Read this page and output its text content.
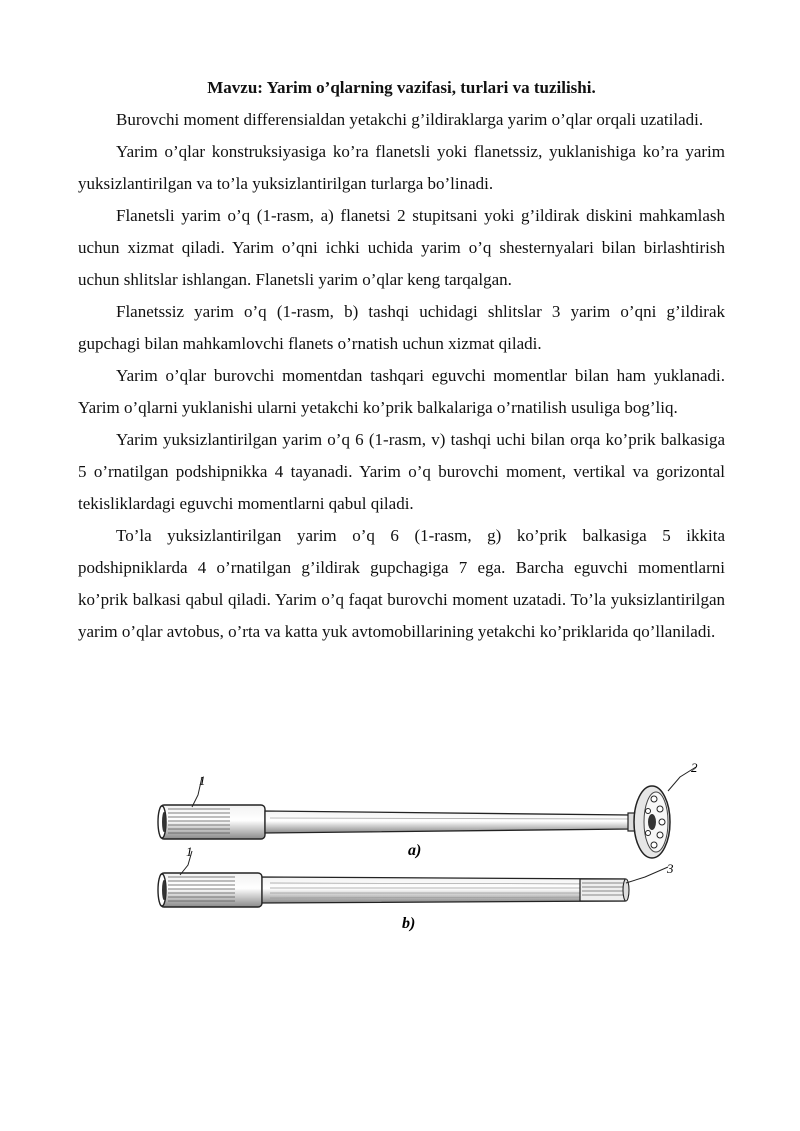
Mavzu: Yarim o’qlarning vazifasi, turlari va tuzilishi.

Burovchi moment differensialdan yetakchi g’ildiraklarga yarim o’qlar orqali uzatiladi.

Yarim o’qlar konstruksiyasiga ko’ra flanetsli yoki flanetssiz, yuklanishiga ko’ra yarim yuksizlantirilgan va to’la yuksizlantirilgan turlarga bo’linadi.

Flanetsli yarim o’q (1-rasm, a) flanetsi 2 stupitsani yoki g’ildirak diskini mahkamlash uchun xizmat qiladi. Yarim o’qni ichki uchida yarim o’q shesternyalari bilan birlashtirish uchun shlitslar ishlangan. Flanetsli yarim o’qlar keng tarqalgan.

Flanetssiz yarim o’q (1-rasm, b) tashqi uchidagi shlitslar 3 yarim o’qni g’ildirak gupchagi bilan mahkamlovchi flanets o’rnatish uchun xizmat qiladi.

Yarim o’qlar burovchi momentdan tashqari eguvchi momentlar bilan ham yuklanadi. Yarim o’qlarni yuklanishi ularni yetakchi ko’prik balkalariga o’rnatilish usuliga bog’liq.

Yarim yuksizlantirilgan yarim o’q 6 (1-rasm, v) tashqi uchi bilan orqa ko’prik balkasiga 5 o’rnatilgan podshipnikka 4 tayanadi. Yarim o’q burovchi moment, vertikal va gorizontal tekisliklardagi eguvchi momentlarni qabul qiladi.

To’la yuksizlantirilgan yarim o’q 6 (1-rasm, g) ko’prik balkasiga 5 ikkita podshipniklarda 4 o’rnatilgan g’ildirak gupchagiga 7 ega. Barcha eguvchi momentlarni ko’prik balkasi qabul qiladi. Yarim o’q faqat burovchi moment uzatadi. To’la yuksizlantirilgan yarim o’qlar avtobus, o’rta va katta yuk avtomobillarining yetakchi ko’priklarida qo’llaniladi.

1
2
1
3
a)
b)
